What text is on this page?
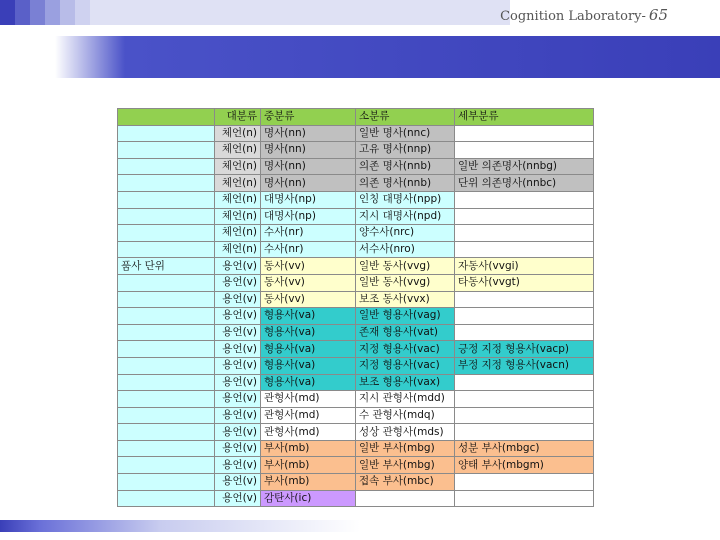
Cognition Laboratory- 65
	대분류	중분류	소분류	세부분류
	체언(n)	명사(nn)	일반 명사(nnc)	
	체언(n)	명사(nn)	고유 명사(nnp)	
	체언(n)	명사(nn)	의존 명사(nnb)	일반 의존명사(nnbg)
	체언(n)	명사(nn)	의존 명사(nnb)	단위 의존명사(nnbc)
	체언(n)	대명사(np)	인칭 대명사(npp)	
	체언(n)	대명사(np)	지시 대명사(npd)	
	체언(n)	수사(nr)	양수사(nrc)	
	체언(n)	수사(nr)	서수사(nro)	
품사 단위	용언(v)	동사(vv)	일반 동사(vvg)	자동사(vvgi)
	용언(v)	동사(vv)	일반 동사(vvg)	타동사(vvgt)
	용언(v)	동사(vv)	보조 동사(vvx)	
	용언(v)	형용사(va)	일반 형용사(vag)	
	용언(v)	형용사(va)	존재 형용사(vat)	
	용언(v)	형용사(va)	지정 형용사(vac)	긍정 지정 형용사(vacp)
	용언(v)	형용사(va)	지정 형용사(vac)	부정 지정 형용사(vacn)
	용언(v)	형용사(va)	보조 형용사(vax)	
	용언(v)	관형사(md)	지시 관형사(mdd)	
	용언(v)	관형사(md)	수 관형사(mdq)	
	용언(v)	관형사(md)	성상 관형사(mds)	
	용언(v)	부사(mb)	일반 부사(mbg)	성분 부사(mbgc)
	용언(v)	부사(mb)	일반 부사(mbg)	양태 부사(mbgm)
	용언(v)	부사(mb)	접속 부사(mbc)	
	용언(v)	감탄사(ic)		
